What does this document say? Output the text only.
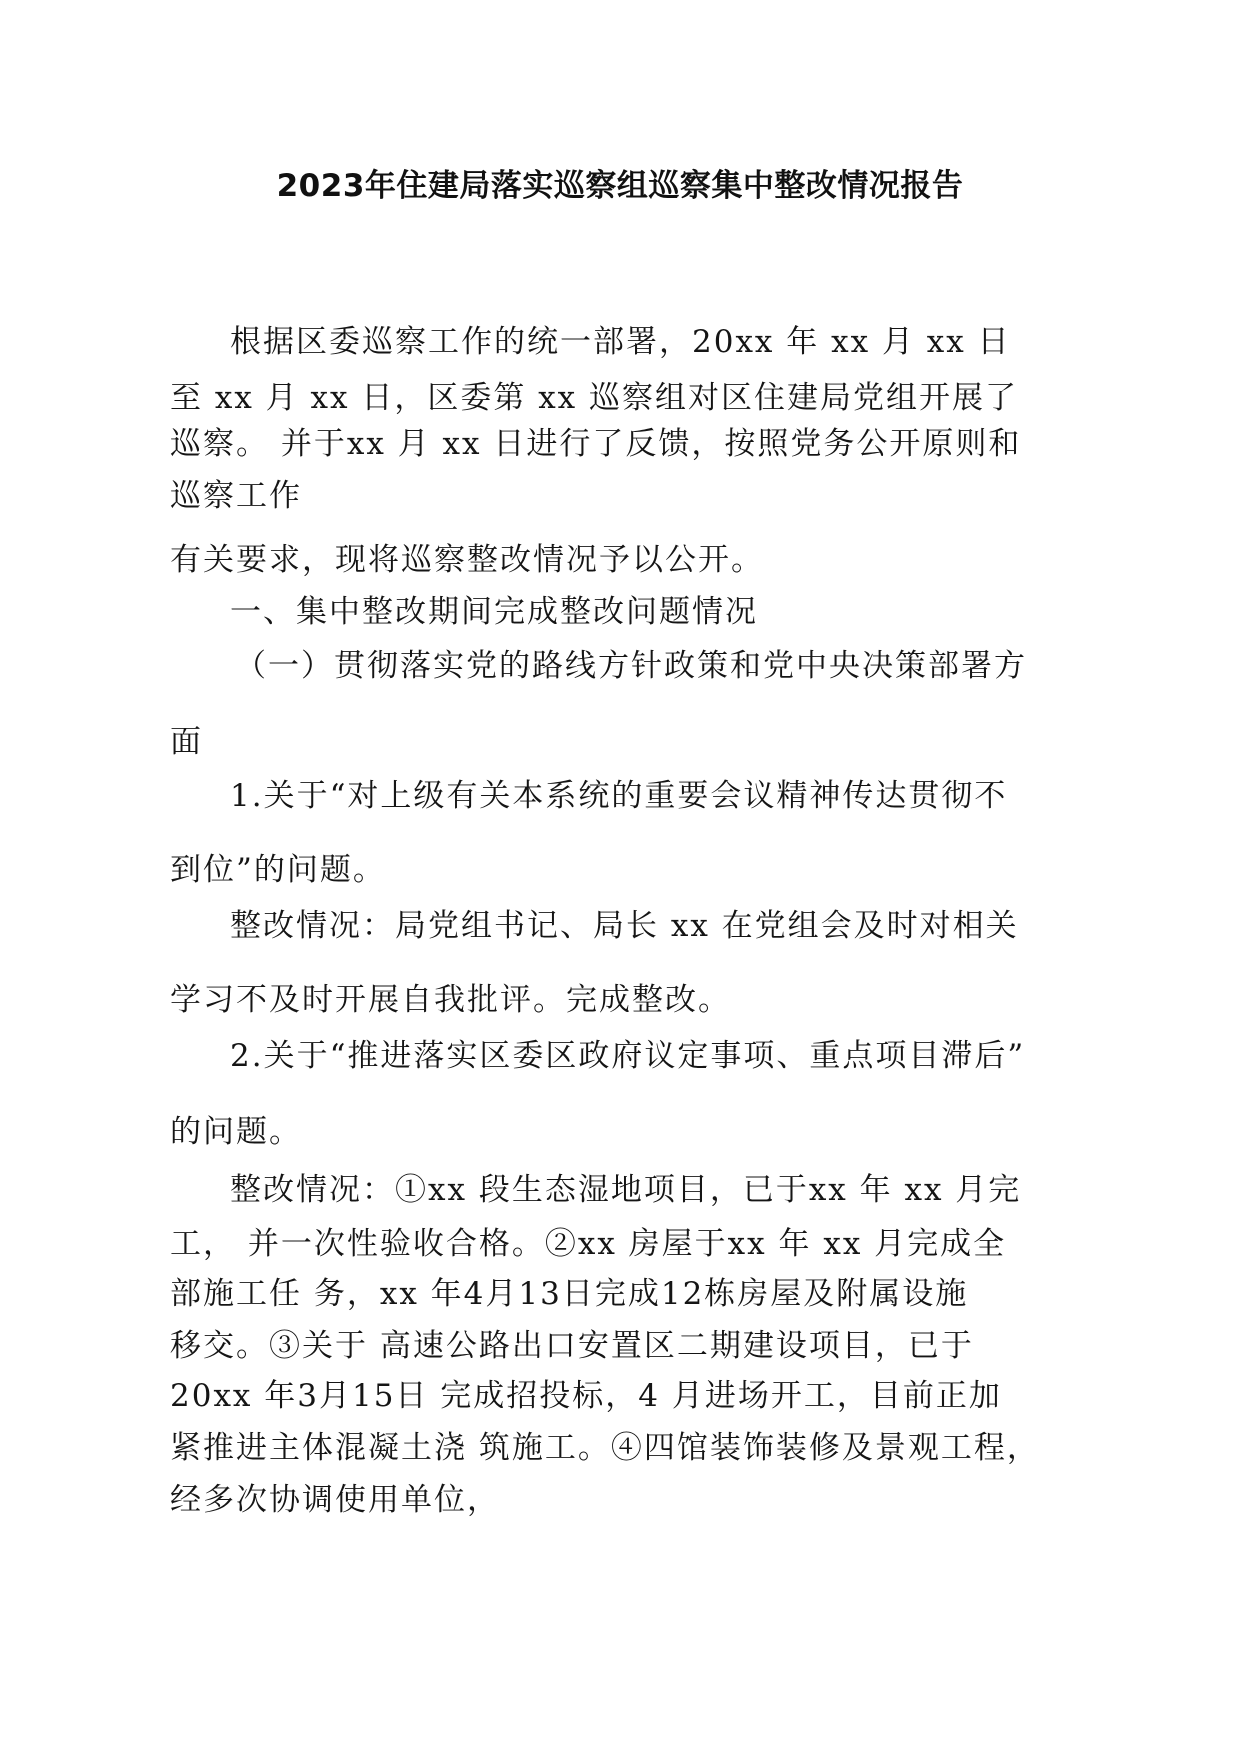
2023年住建局落实巡察组巡察集中整改情况报告
根据区委巡察工作的统一部署，20xx 年 xx 月 xx 日
至 xx 月 xx 日，区委第 xx 巡察组对区住建局党组开展了
巡察。 并于xx 月 xx 日进行了反馈，按照党务公开原则和
巡察工作
有关要求，现将巡察整改情况予以公开。
一、集中整改期间完成整改问题情况
（一）贯彻落实党的路线方针政策和党中央决策部署方
面
1.关于“对上级有关本系统的重要会议精神传达贯彻不
到位”的问题。
整改情况：局党组书记、局长 xx 在党组会及时对相关
学习不及时开展自我批评。完成整改。
2.关于“推进落实区委区政府议定事项、重点项目滞后”
的问题。
整改情况：①xx 段生态湿地项目，已于xx 年 xx 月完
工， 并一次性验收合格。②xx 房屋于xx 年 xx 月完成全
部施工任 务，xx 年4月13日完成12栋房屋及附属设施
移交。③关于 高速公路出口安置区二期建设项目，已于
20xx 年3月15日 完成招投标，4 月进场开工，目前正加
紧推进主体混凝土浇 筑施工。④四馆装饰装修及景观工程，
经多次协调使用单位，
